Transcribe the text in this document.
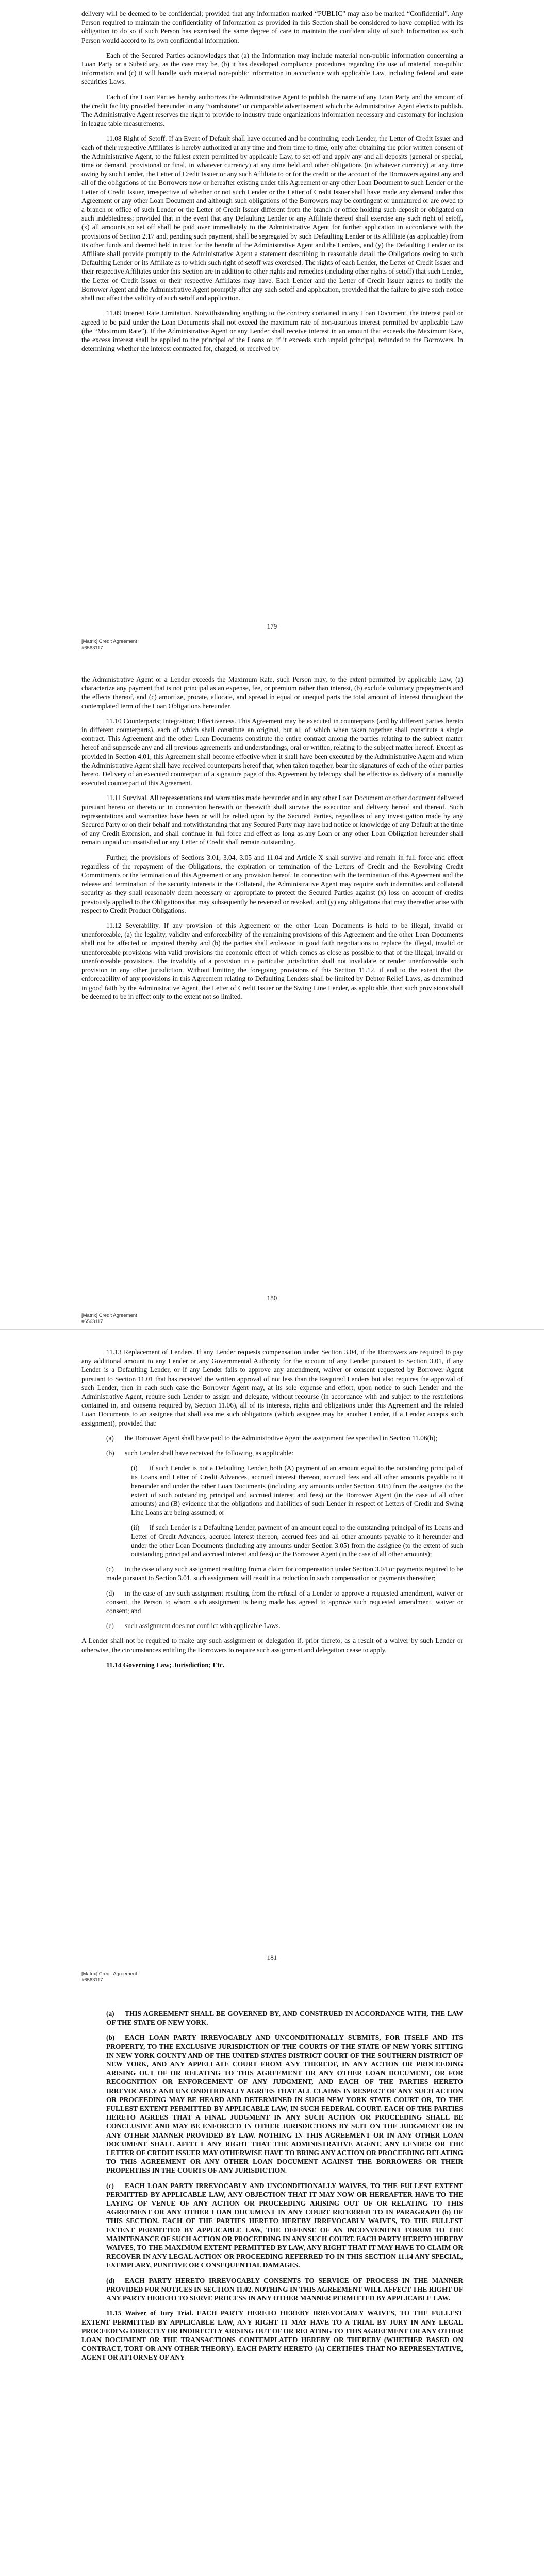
delivery will be deemed to be confidential; provided that any information marked “PUBLIC” may also be marked “Confidential”. Any Person required to maintain the confidentiality of Information as provided in this Section shall be considered to have complied with its obligation to do so if such Person has exercised the same degree of care to maintain the confidentiality of such Information as such Person would accord to its own confidential information.

Each of the Secured Parties acknowledges that (a) the Information may include material non-public information concerning a Loan Party or a Subsidiary, as the case may be, (b) it has developed compliance procedures regarding the use of material non-public information and (c) it will handle such material non-public information in accordance with applicable Law, including federal and state securities Laws.

Each of the Loan Parties hereby authorizes the Administrative Agent to publish the name of any Loan Party and the amount of the credit facility provided hereunder in any “tombstone” or comparable advertisement which the Administrative Agent elects to publish. The Administrative Agent reserves the right to provide to industry trade organizations information necessary and customary for inclusion in league table measurements.

11.08 Right of Setoff. If an Event of Default shall have occurred and be continuing, each Lender, the Letter of Credit Issuer and each of their respective Affiliates is hereby authorized at any time and from time to time, only after obtaining the prior written consent of the Administrative Agent, to the fullest extent permitted by applicable Law, to set off and apply any and all deposits (general or special, time or demand, provisional or final, in whatever currency) at any time held and other obligations (in whatever currency) at any time owing by such Lender, the Letter of Credit Issuer or any such Affiliate to or for the credit or the account of the Borrowers against any and all of the obligations of the Borrowers now or hereafter existing under this Agreement or any other Loan Document to such Lender or the Letter of Credit Issuer, irrespective of whether or not such Lender or the Letter of Credit Issuer shall have made any demand under this Agreement or any other Loan Document and although such obligations of the Borrowers may be contingent or unmatured or are owed to a branch or office of such Lender or the Letter of Credit Issuer different from the branch or office holding such deposit or obligated on such indebtedness; provided that in the event that any Defaulting Lender or any Affiliate thereof shall exercise any such right of setoff, (x) all amounts so set off shall be paid over immediately to the Administrative Agent for further application in accordance with the provisions of Section 2.17 and, pending such payment, shall be segregated by such Defaulting Lender or its Affiliate (as applicable) from its other funds and deemed held in trust for the benefit of the Administrative Agent and the Lenders, and (y) the Defaulting Lender or its Affiliate shall provide promptly to the Administrative Agent a statement describing in reasonable detail the Obligations owing to such Defaulting Lender or its Affiliate as to which such right of setoff was exercised. The rights of each Lender, the Letter of Credit Issuer and their respective Affiliates under this Section are in addition to other rights and remedies (including other rights of setoff) that such Lender, the Letter of Credit Issuer or their respective Affiliates may have. Each Lender and the Letter of Credit Issuer agrees to notify the Borrower Agent and the Administrative Agent promptly after any such setoff and application, provided that the failure to give such notice shall not affect the validity of such setoff and application.

11.09 Interest Rate Limitation. Notwithstanding anything to the contrary contained in any Loan Document, the interest paid or agreed to be paid under the Loan Documents shall not exceed the maximum rate of non-usurious interest permitted by applicable Law (the “Maximum Rate”). If the Administrative Agent or any Lender shall receive interest in an amount that exceeds the Maximum Rate, the excess interest shall be applied to the principal of the Loans or, if it exceeds such unpaid principal, refunded to the Borrowers. In determining whether the interest contracted for, charged, or received by

179
[Matrix] Credit Agreement
#6563117

the Administrative Agent or a Lender exceeds the Maximum Rate, such Person may, to the extent permitted by applicable Law, (a) characterize any payment that is not principal as an expense, fee, or premium rather than interest, (b) exclude voluntary prepayments and the effects thereof, and (c) amortize, prorate, allocate, and spread in equal or unequal parts the total amount of interest throughout the contemplated term of the Loan Obligations hereunder.

11.10 Counterparts; Integration; Effectiveness. This Agreement may be executed in counterparts (and by different parties hereto in different counterparts), each of which shall constitute an original, but all of which when taken together shall constitute a single contract. This Agreement and the other Loan Documents constitute the entire contract among the parties relating to the subject matter hereof and supersede any and all previous agreements and understandings, oral or written, relating to the subject matter hereof. Except as provided in Section 4.01, this Agreement shall become effective when it shall have been executed by the Administrative Agent and when the Administrative Agent shall have received counterparts hereof that, when taken together, bear the signatures of each of the other parties hereto. Delivery of an executed counterpart of a signature page of this Agreement by telecopy shall be effective as delivery of a manually executed counterpart of this Agreement.

11.11 Survival. All representations and warranties made hereunder and in any other Loan Document or other document delivered pursuant hereto or thereto or in connection herewith or therewith shall survive the execution and delivery hereof and thereof. Such representations and warranties have been or will be relied upon by the Secured Parties, regardless of any investigation made by any Secured Party or on their behalf and notwithstanding that any Secured Party may have had notice or knowledge of any Default at the time of any Credit Extension, and shall continue in full force and effect as long as any Loan or any other Loan Obligation hereunder shall remain unpaid or unsatisfied or any Letter of Credit shall remain outstanding.

Further, the provisions of Sections 3.01, 3.04, 3.05 and 11.04 and Article X shall survive and remain in full force and effect regardless of the repayment of the Obligations, the expiration or termination of the Letters of Credit and the Revolving Credit Commitments or the termination of this Agreement or any provision hereof. In connection with the termination of this Agreement and the release and termination of the security interests in the Collateral, the Administrative Agent may require such indemnities and collateral security as they shall reasonably deem necessary or appropriate to protect the Secured Parties against (x) loss on account of credits previously applied to the Obligations that may subsequently be reversed or revoked, and (y) any obligations that may thereafter arise with respect to Credit Product Obligations.

11.12 Severability. If any provision of this Agreement or the other Loan Documents is held to be illegal, invalid or unenforceable, (a) the legality, validity and enforceability of the remaining provisions of this Agreement and the other Loan Documents shall not be affected or impaired thereby and (b) the parties shall endeavor in good faith negotiations to replace the illegal, invalid or unenforceable provisions with valid provisions the economic effect of which comes as close as possible to that of the illegal, invalid or unenforceable provisions. The invalidity of a provision in a particular jurisdiction shall not invalidate or render unenforceable such provision in any other jurisdiction. Without limiting the foregoing provisions of this Section 11.12, if and to the extent that the enforceability of any provisions in this Agreement relating to Defaulting Lenders shall be limited by Debtor Relief Laws, as determined in good faith by the Administrative Agent, the Letter of Credit Issuer or the Swing Line Lender, as applicable, then such provisions shall be deemed to be in effect only to the extent not so limited.

180
[Matrix] Credit Agreement
#6563117

11.13 Replacement of Lenders. If any Lender requests compensation under Section 3.04, if the Borrowers are required to pay any additional amount to any Lender or any Governmental Authority for the account of any Lender pursuant to Section 3.01, if any Lender is a Defaulting Lender, or if any Lender fails to approve any amendment, waiver or consent requested by Borrower Agent pursuant to Section 11.01 that has received the written approval of not less than the Required Lenders but also requires the approval of such Lender, then in each such case the Borrower Agent may, at its sole expense and effort, upon notice to such Lender and the Administrative Agent, require such Lender to assign and delegate, without recourse (in accordance with and subject to the restrictions contained in, and consents required by, Section 11.06), all of its interests, rights and obligations under this Agreement and the related Loan Documents to an assignee that shall assume such obligations (which assignee may be another Lender, if a Lender accepts such assignment), provided that:

(a) the Borrower Agent shall have paid to the Administrative Agent the assignment fee specified in Section 11.06(b);

(b) such Lender shall have received the following, as applicable:

(i) if such Lender is not a Defaulting Lender, both (A) payment of an amount equal to the outstanding principal of its Loans and Letter of Credit Advances, accrued interest thereon, accrued fees and all other amounts payable to it hereunder and under the other Loan Documents (including any amounts under Section 3.05) from the assignee (to the extent of such outstanding principal and accrued interest and fees) or the Borrower Agent (in the case of all other amounts) and (B) evidence that the obligations and liabilities of such Lender in respect of Letters of Credit and Swing Line Loans are being assumed; or

(ii) if such Lender is a Defaulting Lender, payment of an amount equal to the outstanding principal of its Loans and Letter of Credit Advances, accrued interest thereon, accrued fees and all other amounts payable to it hereunder and under the other Loan Documents (including any amounts under Section 3.05) from the assignee (to the extent of such outstanding principal and accrued interest and fees) or the Borrower Agent (in the case of all other amounts);

(c) in the case of any such assignment resulting from a claim for compensation under Section 3.04 or payments required to be made pursuant to Section 3.01, such assignment will result in a reduction in such compensation or payments thereafter;

(d) in the case of any such assignment resulting from the refusal of a Lender to approve a requested amendment, waiver or consent, the Person to whom such assignment is being made has agreed to approve such requested amendment, waiver or consent; and

(e) such assignment does not conflict with applicable Laws.

A Lender shall not be required to make any such assignment or delegation if, prior thereto, as a result of a waiver by such Lender or otherwise, the circumstances entitling the Borrowers to require such assignment and delegation cease to apply.

11.14 Governing Law; Jurisdiction; Etc.

181
[Matrix] Credit Agreement
#6563117

(a) THIS AGREEMENT SHALL BE GOVERNED BY, AND CONSTRUED IN ACCORDANCE WITH, THE LAW OF THE STATE OF NEW YORK.

(b) EACH LOAN PARTY IRREVOCABLY AND UNCONDITIONALLY SUBMITS, FOR ITSELF AND ITS PROPERTY, TO THE EXCLUSIVE JURISDICTION OF THE COURTS OF THE STATE OF NEW YORK SITTING IN NEW YORK COUNTY AND OF THE UNITED STATES DISTRICT COURT OF THE SOUTHERN DISTRICT OF NEW YORK, AND ANY APPELLATE COURT FROM ANY THEREOF, IN ANY ACTION OR PROCEEDING ARISING OUT OF OR RELATING TO THIS AGREEMENT OR ANY OTHER LOAN DOCUMENT, OR FOR RECOGNITION OR ENFORCEMENT OF ANY JUDGMENT, AND EACH OF THE PARTIES HERETO IRREVOCABLY AND UNCONDITIONALLY AGREES THAT ALL CLAIMS IN RESPECT OF ANY SUCH ACTION OR PROCEEDING MAY BE HEARD AND DETERMINED IN SUCH NEW YORK STATE COURT OR, TO THE FULLEST EXTENT PERMITTED BY APPLICABLE LAW, IN SUCH FEDERAL COURT. EACH OF THE PARTIES HERETO AGREES THAT A FINAL JUDGMENT IN ANY SUCH ACTION OR PROCEEDING SHALL BE CONCLUSIVE AND MAY BE ENFORCED IN OTHER JURISDICTIONS BY SUIT ON THE JUDGMENT OR IN ANY OTHER MANNER PROVIDED BY LAW. NOTHING IN THIS AGREEMENT OR IN ANY OTHER LOAN DOCUMENT SHALL AFFECT ANY RIGHT THAT THE ADMINISTRATIVE AGENT, ANY LENDER OR THE LETTER OF CREDIT ISSUER MAY OTHERWISE HAVE TO BRING ANY ACTION OR PROCEEDING RELATING TO THIS AGREEMENT OR ANY OTHER LOAN DOCUMENT AGAINST THE BORROWERS OR THEIR PROPERTIES IN THE COURTS OF ANY JURISDICTION.

(c) EACH LOAN PARTY IRREVOCABLY AND UNCONDITIONALLY WAIVES, TO THE FULLEST EXTENT PERMITTED BY APPLICABLE LAW, ANY OBJECTION THAT IT MAY NOW OR HEREAFTER HAVE TO THE LAYING OF VENUE OF ANY ACTION OR PROCEEDING ARISING OUT OF OR RELATING TO THIS AGREEMENT OR ANY OTHER LOAN DOCUMENT IN ANY COURT REFERRED TO IN PARAGRAPH (b) OF THIS SECTION. EACH OF THE PARTIES HERETO HEREBY IRREVOCABLY WAIVES, TO THE FULLEST EXTENT PERMITTED BY APPLICABLE LAW, THE DEFENSE OF AN INCONVENIENT FORUM TO THE MAINTENANCE OF SUCH ACTION OR PROCEEDING IN ANY SUCH COURT. EACH PARTY HERETO HEREBY WAIVES, TO THE MAXIMUM EXTENT PERMITTED BY LAW, ANY RIGHT THAT IT MAY HAVE TO CLAIM OR RECOVER IN ANY LEGAL ACTION OR PROCEEDING REFERRED TO IN THIS SECTION 11.14 ANY SPECIAL, EXEMPLARY, PUNITIVE OR CONSEQUENTIAL DAMAGES.

(d) EACH PARTY HERETO IRREVOCABLY CONSENTS TO SERVICE OF PROCESS IN THE MANNER PROVIDED FOR NOTICES IN SECTION 11.02. NOTHING IN THIS AGREEMENT WILL AFFECT THE RIGHT OF ANY PARTY HERETO TO SERVE PROCESS IN ANY OTHER MANNER PERMITTED BY APPLICABLE LAW.

11.15 Waiver of Jury Trial. EACH PARTY HERETO HEREBY IRREVOCABLY WAIVES, TO THE FULLEST EXTENT PERMITTED BY APPLICABLE LAW, ANY RIGHT IT MAY HAVE TO A TRIAL BY JURY IN ANY LEGAL PROCEEDING DIRECTLY OR INDIRECTLY ARISING OUT OF OR RELATING TO THIS AGREEMENT OR ANY OTHER LOAN DOCUMENT OR THE TRANSACTIONS CONTEMPLATED HEREBY OR THEREBY (WHETHER BASED ON CONTRACT, TORT OR ANY OTHER THEORY). EACH PARTY HERETO (A) CERTIFIES THAT NO REPRESENTATIVE, AGENT OR ATTORNEY OF ANY
